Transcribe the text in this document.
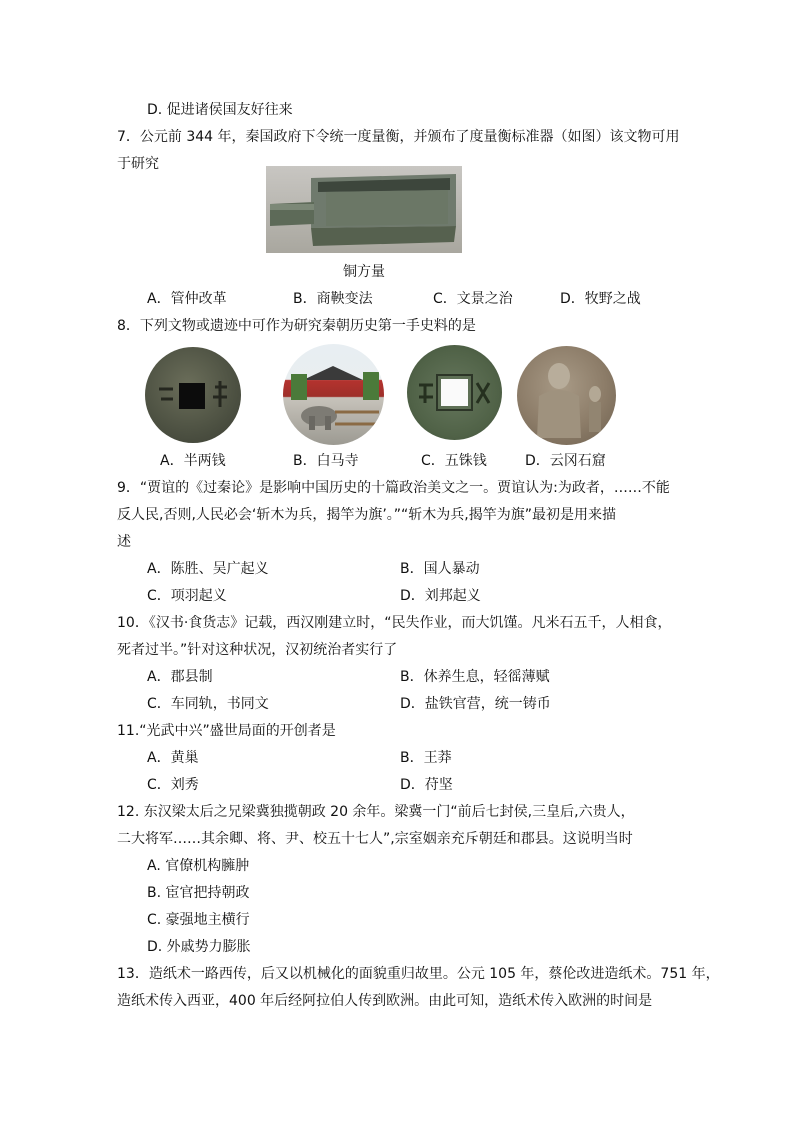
D. 促进诸侯国友好往来
7．公元前 344 年，秦国政府下令统一度量衡，并颁布了度量衡标准器（如图）该文物可用
于研究
铜方量
A．管仲改革	B．商鞅变法	C．文景之治	D．牧野之战
8．下列文物或遗迹中可作为研究秦朝历史第一手史料的是
A．半两钱	B．白马寺	C．五铢钱	D．云冈石窟
9．“贾谊的《过秦论》是影响中国历史的十篇政治美文之一。贾谊认为:为政者，……不能
反人民,否则,人民必会‘斩木为兵，揭竿为旗’。”“斩木为兵,揭竿为旗”最初是用来描
述
A．陈胜、吴广起义	B．国人暴动
C．项羽起义	D．刘邦起义
10．《汉书·食货志》记载，西汉刚建立时，“民失作业，而大饥馑。凡米石五千，人相食，
死者过半。”针对这种状况，汉初统治者实行了
A．郡县制	B．休养生息，轻徭薄赋
C．车同轨，书同文	D．盐铁官营，统一铸币
11.“光武中兴”盛世局面的开创者是
A．黄巢	B．王莽
C．刘秀	D．苻坚
12. 东汉梁太后之兄梁冀独揽朝政 20 余年。梁冀一门“前后七封侯,三皇后,六贵人，
二大将军……其余卿、将、尹、校五十七人”,宗室姻亲充斥朝廷和郡县。这说明当时
A. 官僚机构臃肿
B. 宦官把持朝政
C. 豪强地主横行
D. 外戚势力膨胀
13．造纸术一路西传，后又以机械化的面貌重归故里。公元 105 年，蔡伦改进造纸术。751 年，
造纸术传入西亚，400 年后经阿拉伯人传到欧洲。由此可知，造纸术传入欧洲的时间是
